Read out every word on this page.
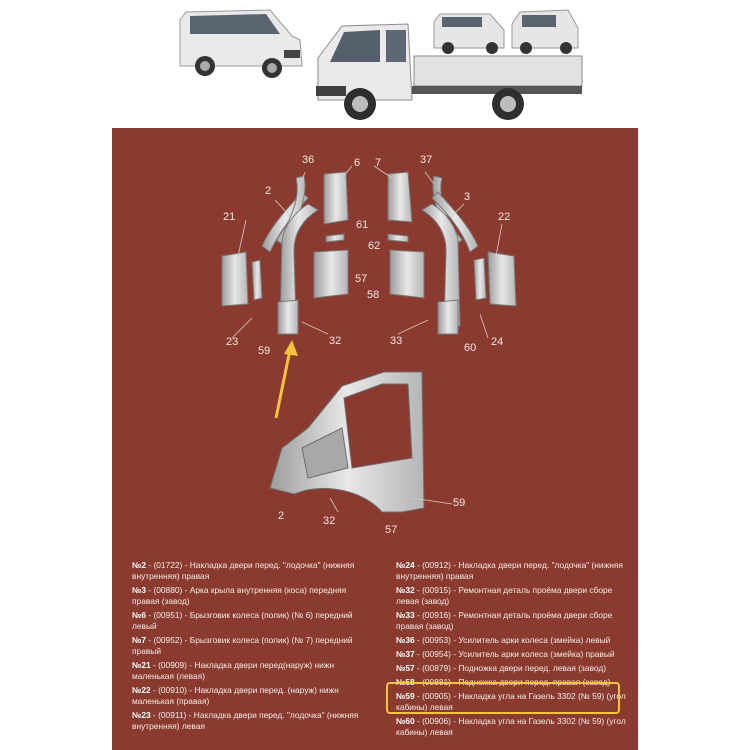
36	6 7	37
2	3
21	22
61
62
57
58
23
59
32	33
60 24
59
2	32
57

№2 - (01722) - Накладка двери перед. "лодочка" (нижняя внутренняя) правая

№3 - (00880) - Арка крыла внутренняя (коса) передняя правая (завод)

№6 - (00951) - Брызговик колеса (полик) (№ 6) передний левый

№7 - (00952) - Брызговик колеса (полик) (№ 7) передний правый

№21 - (00909) - Накладка двери перед(наруж) нижн маленькая (левая)

№22 - (00910) - Накладка двери перед. (наруж) нижн маленькая (правая)

№23 - (00911) - Накладка двери перед. "лодочка" (нижняя внутренняя) левая

№24 - (00912) - Накладка двери перед. "лодочка" (нижняя внутренняя) правая

№32 - (00915) - Ремонтная деталь проёма двери сборе левая (завод)

№33 - (00916) - Ремонтная деталь проёма двери сборе правая (завод)

№36 - (00953) - Усилитель арки колеса (змейка) левый

№37 - (00954) - Усилитель арки колеса (змейка) правый

№57 - (00879) - Подножка двери перед. левая (завод)

№58 - (00881) - Подножка двери перед. правая (завод)

№59 - (00905) - Накладка угла на Газель 3302 (№ 59) (угол кабины) левая

№60 - (00906) - Накладка угла на Газель 3302 (№ 59) (угол кабины) левая
